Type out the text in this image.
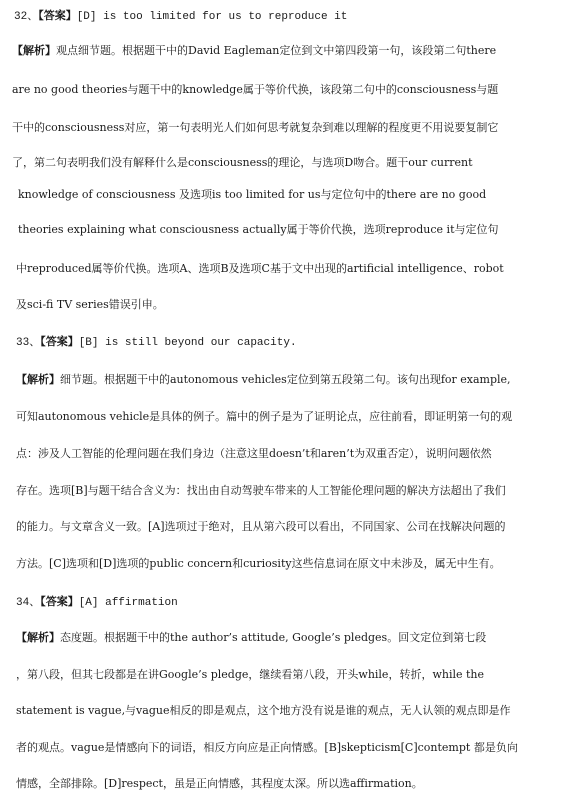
32、【答案】[D] is too limited for us to reproduce it
【解析】观点细节题。根据题干中的David Eagleman定位到文中第四段第一句，该段第二句there
are no good theories与题干中的knowledge属于等价代换，该段第二句中的consciousness与题
干中的consciousness对应，第一句表明光人们如何思考就复杂到难以理解的程度更不用说要复制它
了，第二句表明我们没有解释什么是consciousness的理论，与选项D吻合。题干our current
knowledge of consciousness 及选项is too limited for us与定位句中的there are no good
theories explaining what consciousness actually属于等价代换，选项reproduce it与定位句
中reproduced属等价代换。选项A、选项B及选项C基于文中出现的artificial intelligence、robot
及sci-fi TV series错误引申。
33、【答案】[B] is still beyond our capacity.
【解析】细节题。根据题干中的autonomous vehicles定位到第五段第二句。该句出现for example,
可知autonomous vehicle是具体的例子。篇中的例子是为了证明论点，应往前看，即证明第一句的观
点：涉及人工智能的伦理问题在我们身边（注意这里doesn’t和aren’t为双重否定），说明问题依然
存在。选项[B]与题干结合含义为：找出由自动驾驶车带来的人工智能伦理问题的解决方法超出了我们
的能力。与文章含义一致。[A]选项过于绝对，且从第六段可以看出，不同国家、公司在找解决问题的
方法。[C]选项和[D]选项的public concern和curiosity这些信息词在原文中未涉及，属无中生有。
34、【答案】[A] affirmation
【解析】态度题。根据题干中的the author’s attitude, Google’s pledges。回文定位到第七段
，第八段，但其七段都是在讲Google’s pledge，继续看第八段，开头while，转折，while the
statement is vague,与vague相反的即是观点，这个地方没有说是谁的观点，无人认领的观点即是作
者的观点。vague是情感向下的词语，相反方向应是正向情感。[B]skepticism[C]contempt 都是负向
情感，全部排除。[D]respect，虽是正向情感，其程度太深。所以选affirmation。
